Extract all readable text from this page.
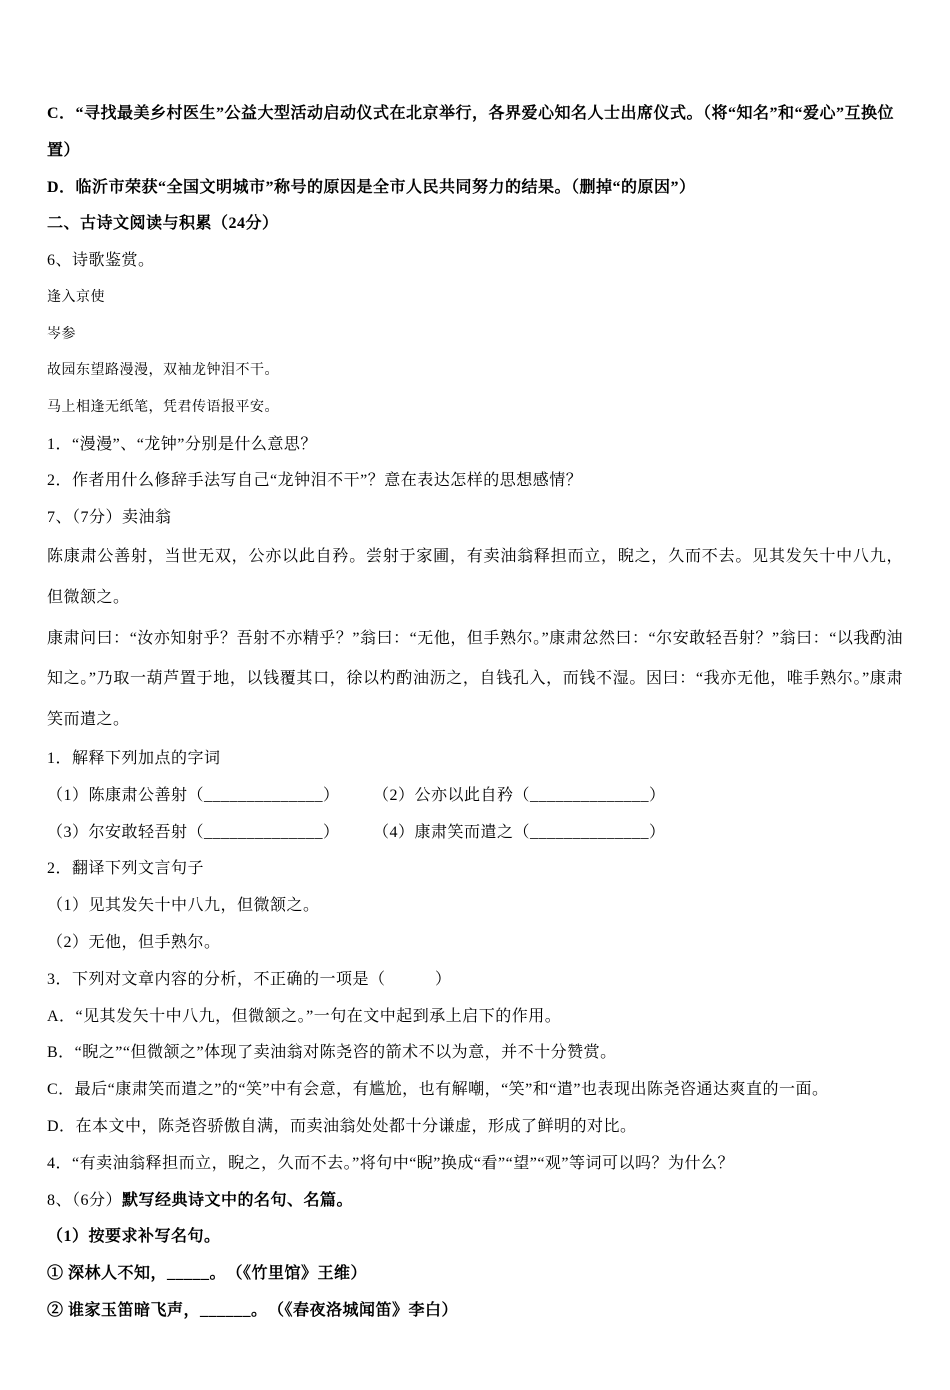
C．“寻找最美乡村医生”公益大型活动启动仪式在北京举行，各界爱心知名人士出席仪式。（将“知名”和“爱心”互换位置）
D．临沂市荣获“全国文明城市”称号的原因是全市人民共同努力的结果。（删掉“的原因”）
二、古诗文阅读与积累（24分）
6、诗歌鉴赏。
逢入京使
岑参
故园东望路漫漫，双袖龙钟泪不干。
马上相逢无纸笔，凭君传语报平安。
1．“漫漫”、“龙钟”分别是什么意思？
2．作者用什么修辞手法写自己“龙钟泪不干”？意在表达怎样的思想感情？
7、（7分）卖油翁
陈康肃公善射，当世无双，公亦以此自矜。尝射于家圃，有卖油翁释担而立，睨之，久而不去。见其发矢十中八九，但微颔之。
康肃问曰：“汝亦知射乎？吾射不亦精乎？”翁曰：“无他，但手熟尔。”康肃忿然曰：“尔安敢轻吾射？”翁曰：“以我酌油知之。”乃取一葫芦置于地，以钱覆其口，徐以杓酌油沥之，自钱孔入，而钱不湿。因曰：“我亦无他，唯手熟尔。”康肃笑而遣之。
1．解释下列加点的字词
（1）陈康肃公善射（______________）　　　（2）公亦以此自矜（______________）
（3）尔安敢轻吾射（______________）　　　（4）康肃笑而遣之（______________）
2．翻译下列文言句子
（1）见其发矢十中八九，但微颔之。
（2）无他，但手熟尔。
3．下列对文章内容的分析，不正确的一项是（　　　）
A．“见其发矢十中八九，但微颔之。”一句在文中起到承上启下的作用。
B．“睨之”“但微颔之”体现了卖油翁对陈尧咨的箭术不以为意，并不十分赞赏。
C．最后“康肃笑而遣之”的“笑”中有会意，有尴尬，也有解嘲，“笑”和“遣”也表现出陈尧咨通达爽直的一面。
D．在本文中，陈尧咨骄傲自满，而卖油翁处处都十分谦虚，形成了鲜明的对比。
4．“有卖油翁释担而立，睨之，久而不去。”将句中“睨”换成“看”“望”“观”等词可以吗？为什么？
8、（6分）默写经典诗文中的名句、名篇。
（1）按要求补写名句。
① 深林人不知，_____。　（《竹里馆》王维）
② 谁家玉笛暗飞声，______。　（《春夜洛城闻笛》李白）
